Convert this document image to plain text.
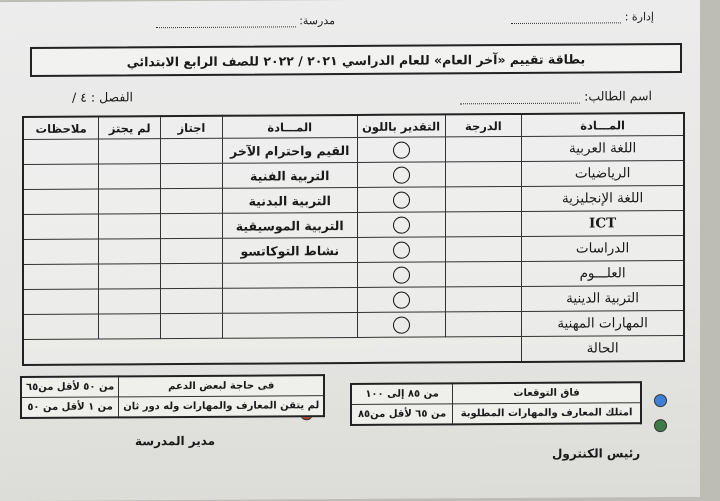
إدارة :
مدرسة:
بطاقة تقييم «آخر العام» للعام الدراسي ٢٠٢١ / ٢٠٢٢ للصف الرابع الابتدائي
اسم الطالب:
الفصل : ٤ /
المـــادة	الدرجة	التقدير باللون	المـــادة	اجتاز	لم يجتز	ملاحظات
اللغة العربية			القيم واحترام الآخر			
الرياضيات			التربية الفنية			
اللغة الإنجليزية			التربية البدنية			
ICT			التربية الموسيقية			
الدراسات			نشاط التوكاتسو			
العلـــوم						
التربية الدينية						
المهارات المهنية						
الحالة						
فاق التوقعات	من ٨٥ إلى ١٠٠
امتلك المعارف والمهارات المطلوبة	من ٦٥ لأقل من٨٥
فى حاجة لبعض الدعم	من ٥٠ لأقل من٦٥
لم يتقن المعارف والمهارات وله دور ثان	من ١ لأقل من ٥٠
مدير المدرسة
رئيس الكنترول
